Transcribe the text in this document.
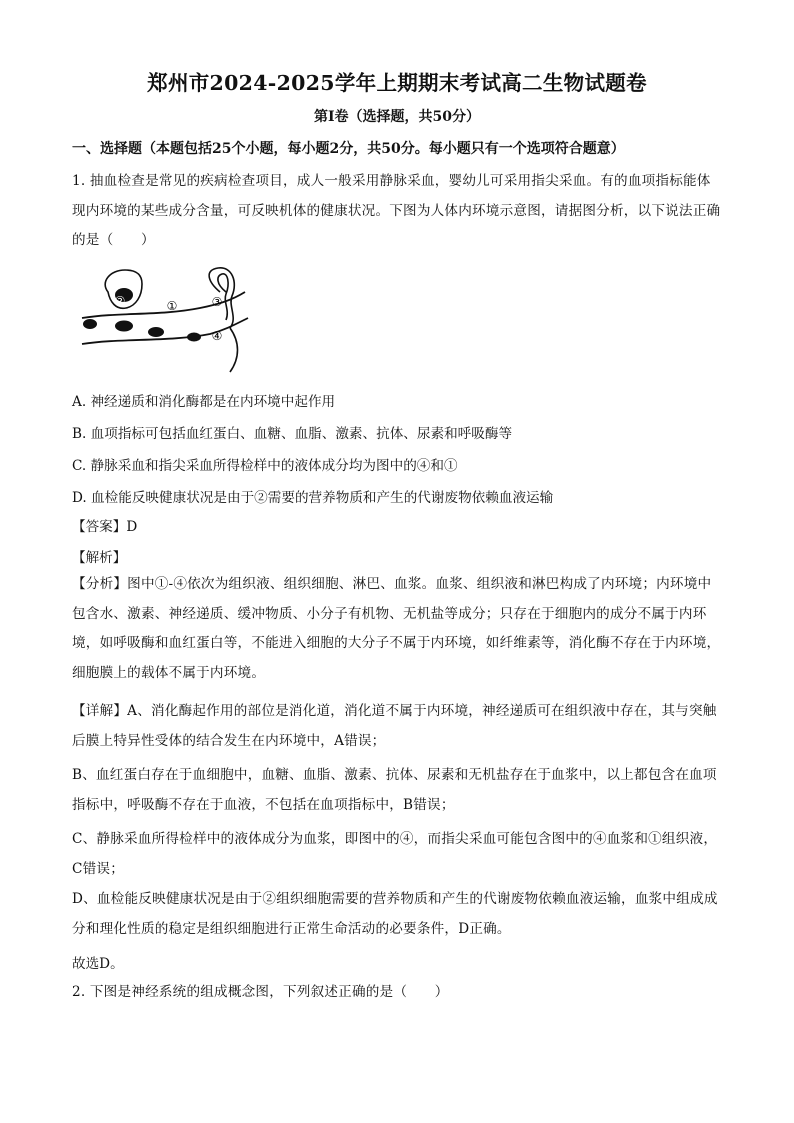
郑州市2024-2025学年上期期末考试高二生物试题卷
第Ⅰ卷（选择题，共50分）
一、选择题（本题包括25个小题，每小题2分，共50分。每小题只有一个选项符合题意）
1. 抽血检查是常见的疾病检查项目，成人一般采用静脉采血，婴幼儿可采用指尖采血。有的血项指标能体现内环境的某些成分含量，可反映机体的健康状况。下图为人体内环境示意图，请据图分析，以下说法正确的是（　　）
②	①	③
④
A. 神经递质和消化酶都是在内环境中起作用
B. 血项指标可包括血红蛋白、血糖、血脂、激素、抗体、尿素和呼吸酶等
C. 静脉采血和指尖采血所得检样中的液体成分均为图中的④和①
D. 血检能反映健康状况是由于②需要的营养物质和产生的代谢废物依赖血液运输
【答案】D
【解析】
【分析】图中①-④依次为组织液、组织细胞、淋巴、血浆。血浆、组织液和淋巴构成了内环境；内环境中包含水、激素、神经递质、缓冲物质、小分子有机物、无机盐等成分；只存在于细胞内的成分不属于内环境，如呼吸酶和血红蛋白等，不能进入细胞的大分子不属于内环境，如纤维素等，消化酶不存在于内环境，细胞膜上的载体不属于内环境。
【详解】A、消化酶起作用的部位是消化道，消化道不属于内环境，神经递质可在组织液中存在，其与突触后膜上特异性受体的结合发生在内环境中，A错误；
B、血红蛋白存在于血细胞中，血糖、血脂、激素、抗体、尿素和无机盐存在于血浆中，以上都包含在血项指标中，呼吸酶不存在于血液，不包括在血项指标中，B错误；
C、静脉采血所得检样中的液体成分为血浆，即图中的④，而指尖采血可能包含图中的④血浆和①组织液，C错误；
D、血检能反映健康状况是由于②组织细胞需要的营养物质和产生的代谢废物依赖血液运输，血浆中组成成分和理化性质的稳定是组织细胞进行正常生命活动的必要条件，D正确。
故选D。
2. 下图是神经系统的组成概念图，下列叙述正确的是（　　）
